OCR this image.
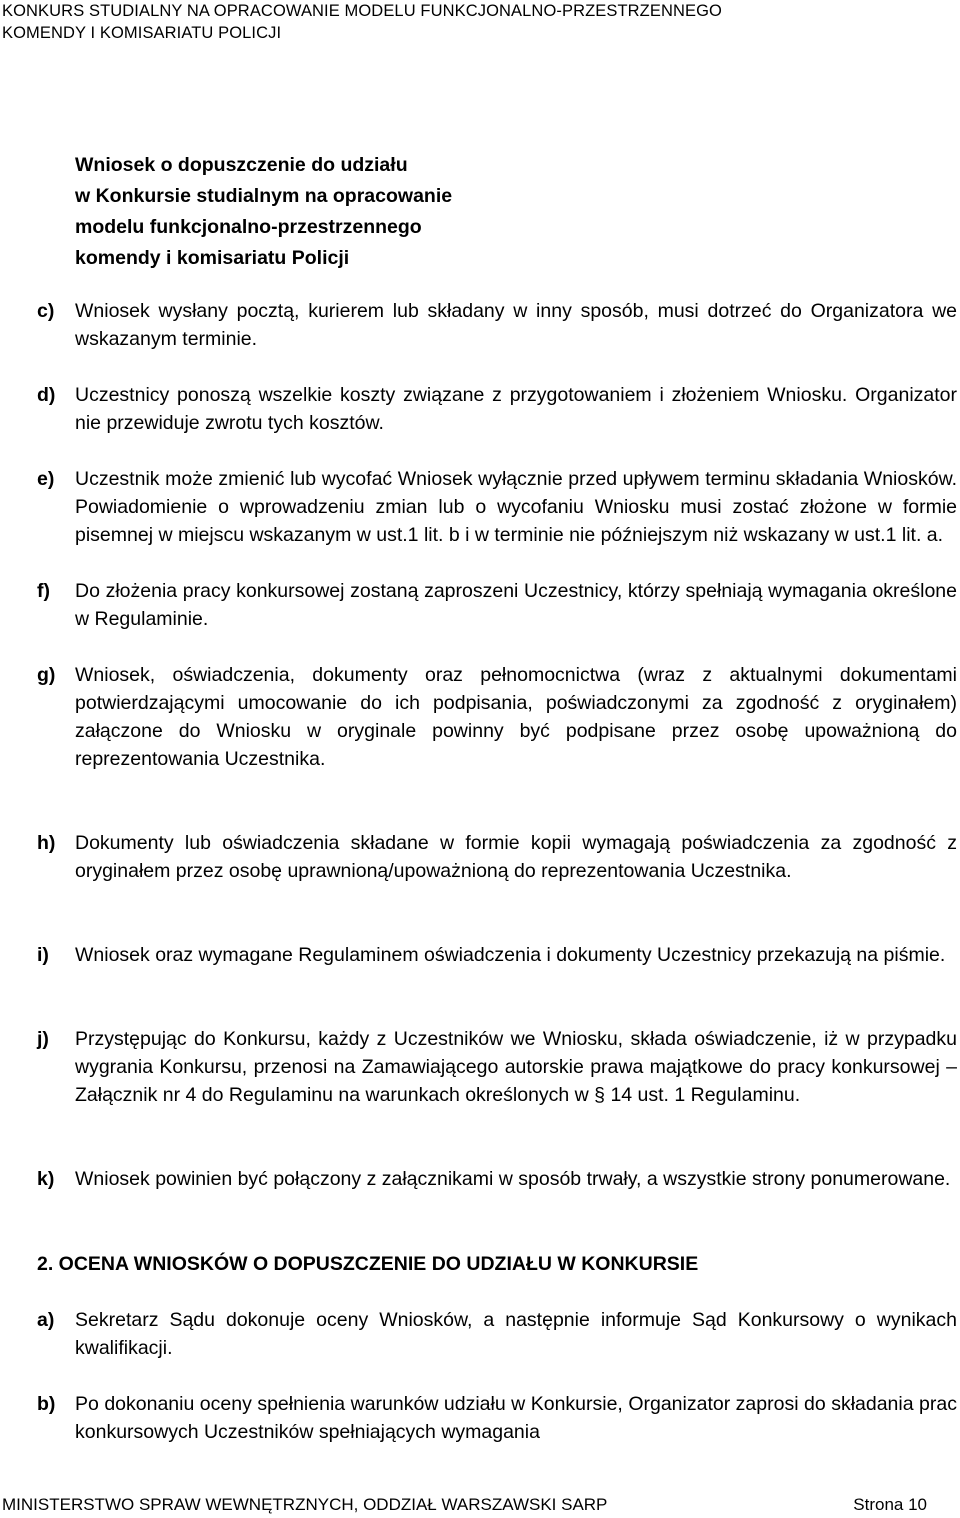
KONKURS STUDIALNY NA OPRACOWANIE MODELU FUNKCJONALNO-PRZESTRZENNEGO
KOMENDY I KOMISARIATU POLICJI
Wniosek o dopuszczenie do udziału
w Konkursie studialnym na opracowanie
modelu funkcjonalno-przestrzennego
komendy i komisariatu Policji
c) Wniosek wysłany pocztą, kurierem lub składany w inny sposób, musi dotrzeć do Organizatora we wskazanym terminie.
d) Uczestnicy ponoszą wszelkie koszty związane z przygotowaniem i złożeniem Wniosku. Organizator nie przewiduje zwrotu tych kosztów.
e) Uczestnik może zmienić lub wycofać Wniosek wyłącznie przed upływem terminu składania Wniosków. Powiadomienie o wprowadzeniu zmian lub o wycofaniu Wniosku musi zostać złożone w formie pisemnej w miejscu wskazanym w ust.1 lit. b i w terminie nie późniejszym niż wskazany w ust.1 lit. a.
f) Do złożenia pracy konkursowej zostaną zaproszeni Uczestnicy, którzy spełniają wymagania określone w Regulaminie.
g) Wniosek, oświadczenia, dokumenty oraz pełnomocnictwa (wraz z aktualnymi dokumentami potwierdzającymi umocowanie do ich podpisania, poświadczonymi za zgodność z oryginałem) załączone do Wniosku w oryginale powinny być podpisane przez osobę upoważnioną do reprezentowania Uczestnika.
h) Dokumenty lub oświadczenia składane w formie kopii wymagają poświadczenia za zgodność z oryginałem przez osobę uprawnioną/upoważnioną do reprezentowania Uczestnika.
i) Wniosek oraz wymagane Regulaminem oświadczenia i dokumenty Uczestnicy przekazują na piśmie.
j) Przystępując do Konkursu, każdy z Uczestników we Wniosku, składa oświadczenie, iż w przypadku wygrania Konkursu, przenosi na Zamawiającego autorskie prawa majątkowe do pracy konkursowej – Załącznik nr 4 do Regulaminu na warunkach określonych w § 14 ust. 1 Regulaminu.
k) Wniosek powinien być połączony z załącznikami w sposób trwały, a wszystkie strony ponumerowane.
2. OCENA WNIOSKÓW O DOPUSZCZENIE DO UDZIAŁU W KONKURSIE
a) Sekretarz Sądu dokonuje oceny Wniosków, a następnie informuje Sąd Konkursowy o wynikach kwalifikacji.
b) Po dokonaniu oceny spełnienia warunków udziału w Konkursie, Organizator zaprosi do składania prac konkursowych Uczestników spełniających wymagania
MINISTERSTWO SPRAW WEWNĘTRZNYCH, ODDZIAŁ WARSZAWSKI SARP	Strona 10
